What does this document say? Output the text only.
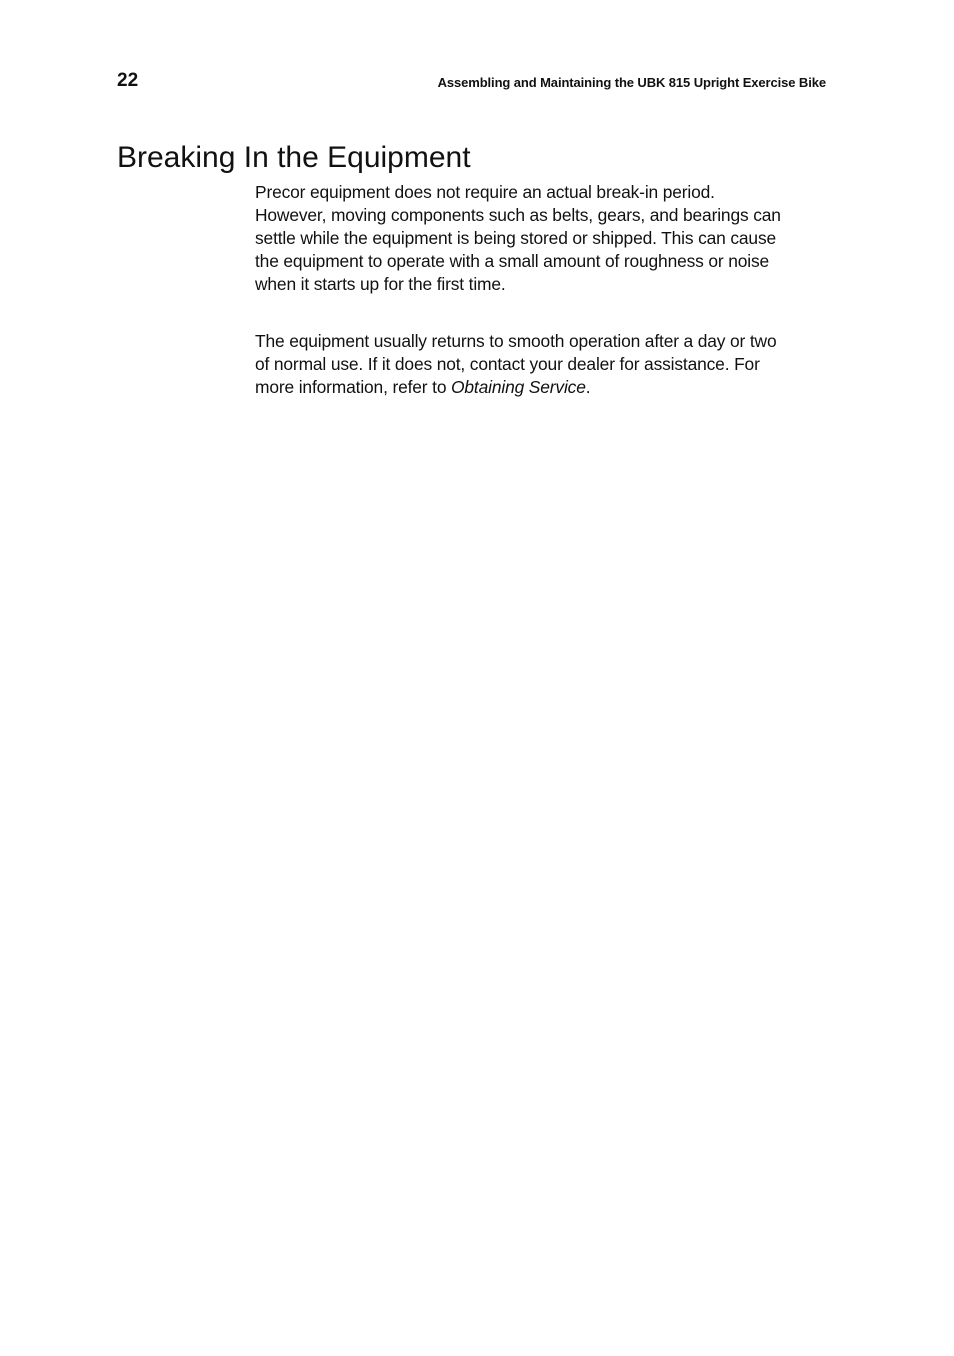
22	Assembling and Maintaining the UBK 815 Upright Exercise Bike
Breaking In the Equipment

Precor equipment does not require an actual break-in period. However, moving components such as belts, gears, and bearings can settle while the equipment is being stored or shipped. This can cause the equipment to operate with a small amount of roughness or noise when it starts up for the first time.

The equipment usually returns to smooth operation after a day or two of normal use. If it does not, contact your dealer for assistance. For more information, refer to Obtaining Service.
